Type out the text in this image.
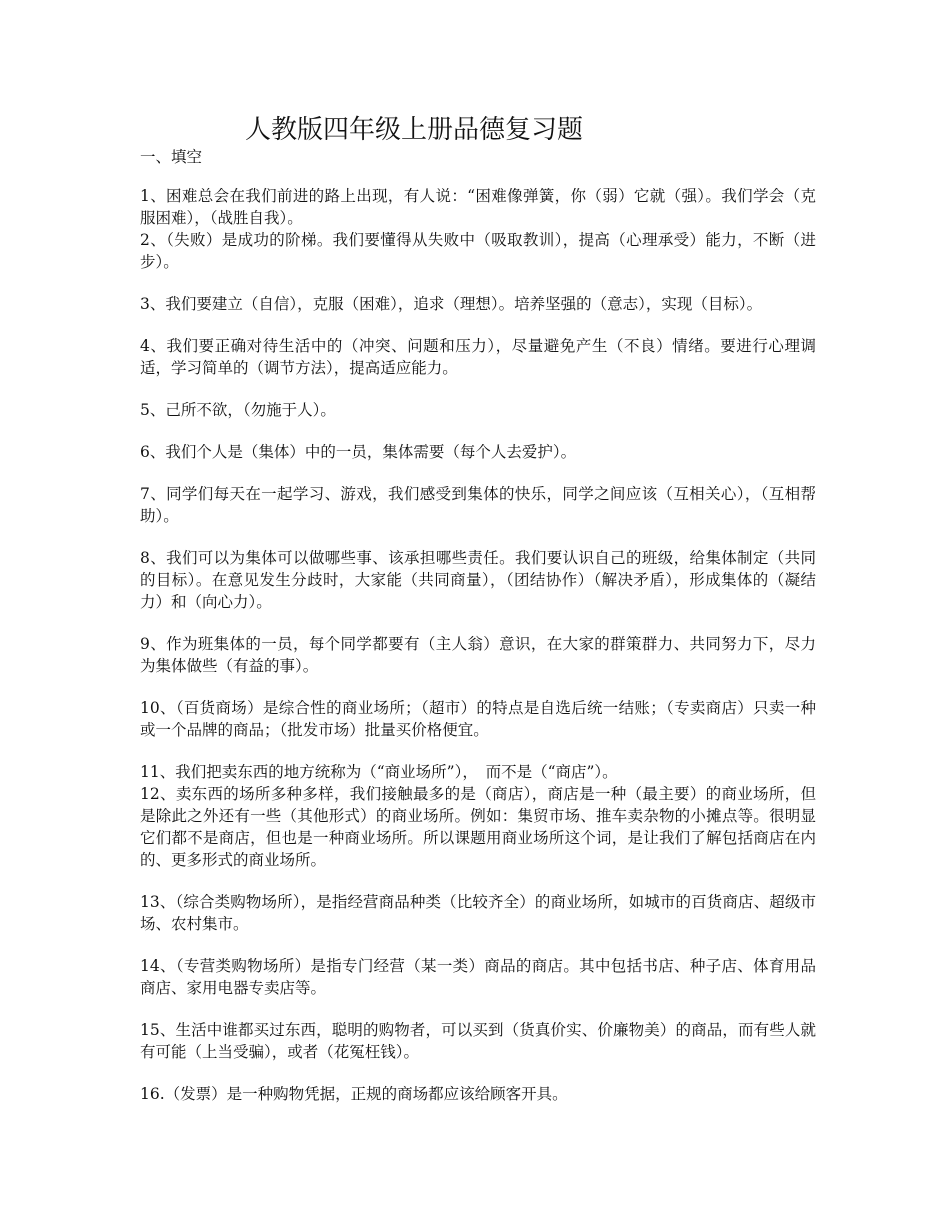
人教版四年级上册品德复习题
一、填空

1、困难总会在我们前进的路上出现，有人说：“困难像弹簧，你（弱）它就（强）。我们学会（克服困难），（战胜自我）。

2、（失败）是成功的阶梯。我们要懂得从失败中（吸取教训），提高（心理承受）能力，不断（进步）。

3、我们要建立（自信），克服（困难），追求（理想）。培养坚强的（意志），实现（目标）。

4、我们要正确对待生活中的（冲突、问题和压力），尽量避免产生（不良）情绪。要进行心理调适，学习简单的（调节方法），提高适应能力。

5、己所不欲，（勿施于人）。

6、我们个人是（集体）中的一员，集体需要（每个人去爱护）。

7、同学们每天在一起学习、游戏，我们感受到集体的快乐，同学之间应该（互相关心），（互相帮助）。

8、我们可以为集体可以做哪些事、该承担哪些责任。我们要认识自己的班级，给集体制定（共同的目标）。在意见发生分歧时，大家能（共同商量），（团结协作）（解决矛盾），形成集体的（凝结力）和（向心力）。

9、作为班集体的一员，每个同学都要有（主人翁）意识，在大家的群策群力、共同努力下，尽力为集体做些（有益的事）。

10、（百货商场）是综合性的商业场所；（超市）的特点是自选后统一结账；（专卖商店）只卖一种或一个品牌的商品；（批发市场）批量买价格便宜。

11、我们把卖东西的地方统称为（“商业场所”），　而不是（“商店”）。

12、卖东西的场所多种多样，我们接触最多的是（商店），商店是一种（最主要）的商业场所，但是除此之外还有一些（其他形式）的商业场所。例如：集贸市场、推车卖杂物的小摊点等。很明显它们都不是商店，但也是一种商业场所。所以课题用商业场所这个词，是让我们了解包括商店在内的、更多形式的商业场所。

13、（综合类购物场所），是指经营商品种类（比较齐全）的商业场所，如城市的百货商店、超级市场、农村集市。

14、（专营类购物场所）是指专门经营（某一类）商品的商店。其中包括书店、种子店、体育用品商店、家用电器专卖店等。

15、生活中谁都买过东西，聪明的购物者，可以买到（货真价实、价廉物美）的商品，而有些人就有可能（上当受骗），或者（花冤枉钱）。

16.（发票）是一种购物凭据，正规的商场都应该给顾客开具。
